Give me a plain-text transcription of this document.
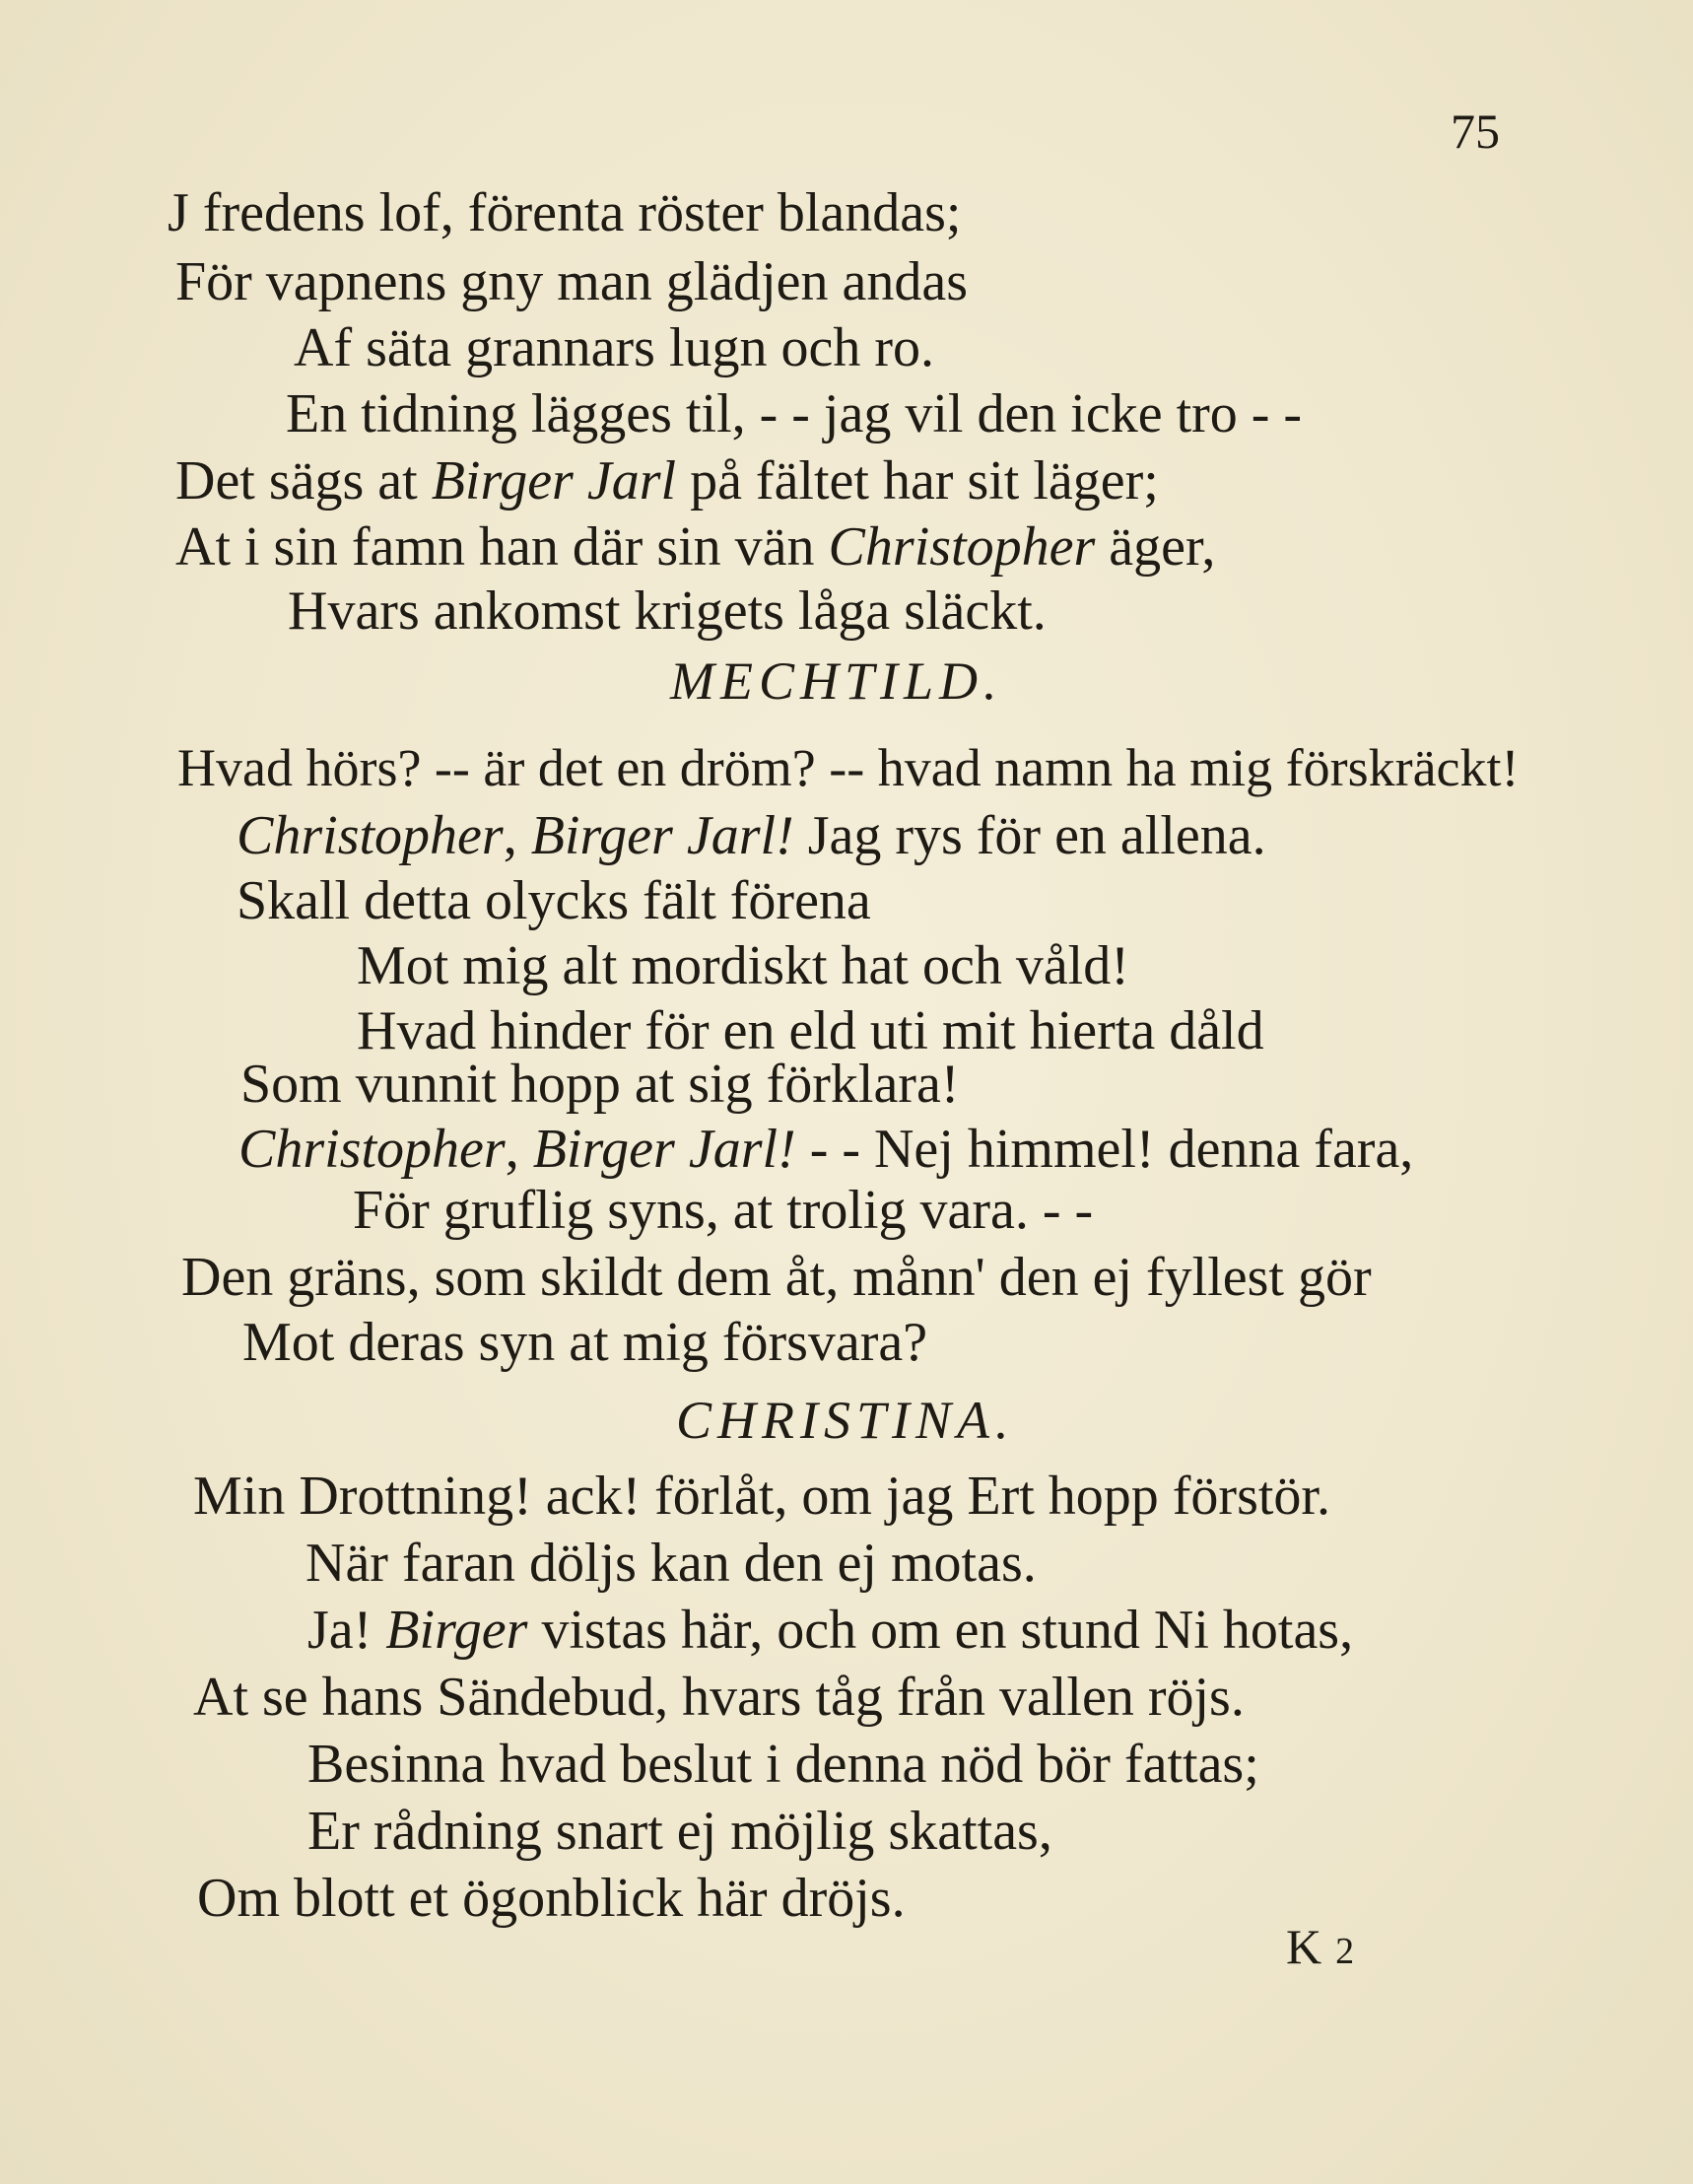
75
J fredens lof, förenta röster blandas;
För vapnens gny man glädjen andas
Af säta grannars lugn och ro.
En tidning lägges til, - - jag vil den icke tro - -
Det sägs at Birger Jarl på fältet har sit läger;
At i sin famn han där sin vän Christopher äger,
Hvars ankomst krigets låga släckt.
MECHTILD.
Hvad hörs? -- är det en dröm? -- hvad namn ha mig förskräckt!
Christopher, Birger Jarl! Jag rys för en allena.
Skall detta olycks fält förena
Mot mig alt mordiskt hat och våld!
Hvad hinder för en eld uti mit hierta dåld
Som vunnit hopp at sig förklara!
Christopher, Birger Jarl! - - Nej himmel! denna fara,
För gruflig syns, at trolig vara. - -
Den gräns, som skildt dem åt, månn' den ej fyllest gör
Mot deras syn at mig försvara?
CHRISTINA.
Min Drottning! ack! förlåt, om jag Ert hopp förstör.
När faran döljs kan den ej motas.
Ja! Birger vistas här, och om en stund Ni hotas,
At se hans Sändebud, hvars tåg från vallen röjs.
Besinna hvad beslut i denna nöd bör fattas;
Er rådning snart ej möjlig skattas,
Om blott et ögonblick här dröjs.
K 2
